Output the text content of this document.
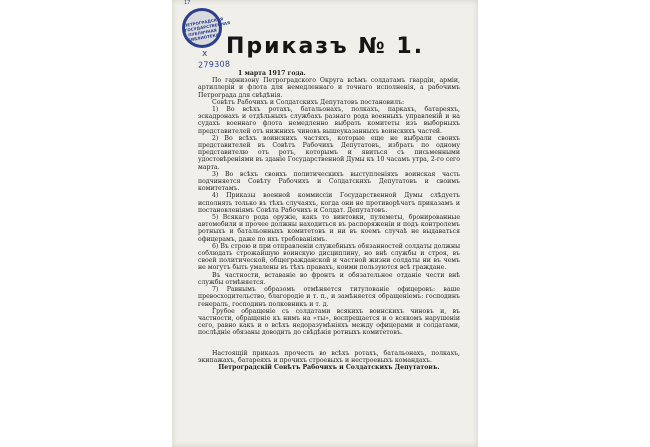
17
ПЕТРОГРАДСКАЯ ГОСУДАРСТВЕННАЯ ПУБЛИЧНАЯ БИБЛИОТЕКА
х
279308
Приказъ № 1.

1 марта 1917 года.

По гарнизону Петроградского Округа всѣмъ солдатамъ гвардіи, арміи, артиллеріи и флота для немедленнаго и точнаго исполненія, а рабочимъ Петрограда для свѣдѣнія.

Совѣтъ Рабочихъ и Солдатскихъ Депутатовъ постановилъ:

1) Во всѣхъ ротахъ, батальонахъ, полкахъ, паркахъ, батареяхъ, эскадронахъ и отдѣльныхъ службахъ разнаго рода военныхъ управленій и на судахъ военнаго флота немедленно выбрать комитеты изъ выборныхъ представителей отъ нижнихъ чиновъ вышеуказанныхъ воинскихъ частей.

2) Во всѣхъ воинскихъ частяхъ, которые еще не выбрали своихъ представителей въ Совѣтъ Рабочихъ Депутатовъ, избрать по одному представителю отъ ротъ, которымъ и явиться съ письменными удостовѣреніями въ зданіе Государственной Думы къ 10 часамъ утра, 2-го сего марта.

3) Во всѣхъ своихъ политическихъ выступленіяхъ воинская часть подчиняется Совѣту Рабочихъ и Солдатскихъ Депутатовъ и своимъ комитетамъ.

4) Приказы военной коммиссіи Государственной Думы слѣдуетъ исполнять только въ тѣхъ случаяхъ, когда они не противорѣчатъ приказамъ и постановленіямъ Совѣта Рабочихъ и Солдат. Депутатовъ.

5) Всякаго рода оружіе, какъ то винтовки, пулеметы, бронированные автомобили и прочее должны находиться въ распоряженіи и подъ контролемъ ротныхъ и батальонныхъ комитетовъ и ни въ коемъ случаѣ не выдаваться офицерамъ, даже по ихъ требованіямъ.

6) Въ строю и при отправленіи служебныхъ обязанностей солдаты должны соблюдать строжайшую воинскую дисциплину, но внѣ службы и строя, въ своей политической, общегражданской и частной жизни солдаты ни въ чемъ не могутъ быть умалены въ тѣхъ правахъ, коими пользуются всѣ граждане.

Въ частности, вставаніе во фронтъ и обязательное отданіе чести внѣ службы отмѣняется.

7) Равнымъ образомъ отмѣняется титулованіе офицеровъ: ваше превосходительство, благородіе и т. п., и замѣняется обращеніемъ: господинъ генералъ, господинъ полковникъ и т. д.

Грубое обращеніе съ солдатами всякихъ воинскихъ чиновъ и, въ частности, обращеніе къ нимъ на «ты», воспрещается и о всякомъ нарушеніи сего, равно какъ и о всѣхъ недоразумѣніяхъ между офицерами и солдатами, послѣдніе обязаны доводить до свѣдѣнія ротныхъ комитетовъ.

Настоящій приказъ прочесть во всѣхъ ротахъ, батальонахъ, полкахъ, экипажахъ, батареяхъ и прочихъ строевыхъ и нестроевыхъ командахъ.

Петроградскій Совѣтъ Рабочихъ и Солдатскихъ Депутатовъ.
